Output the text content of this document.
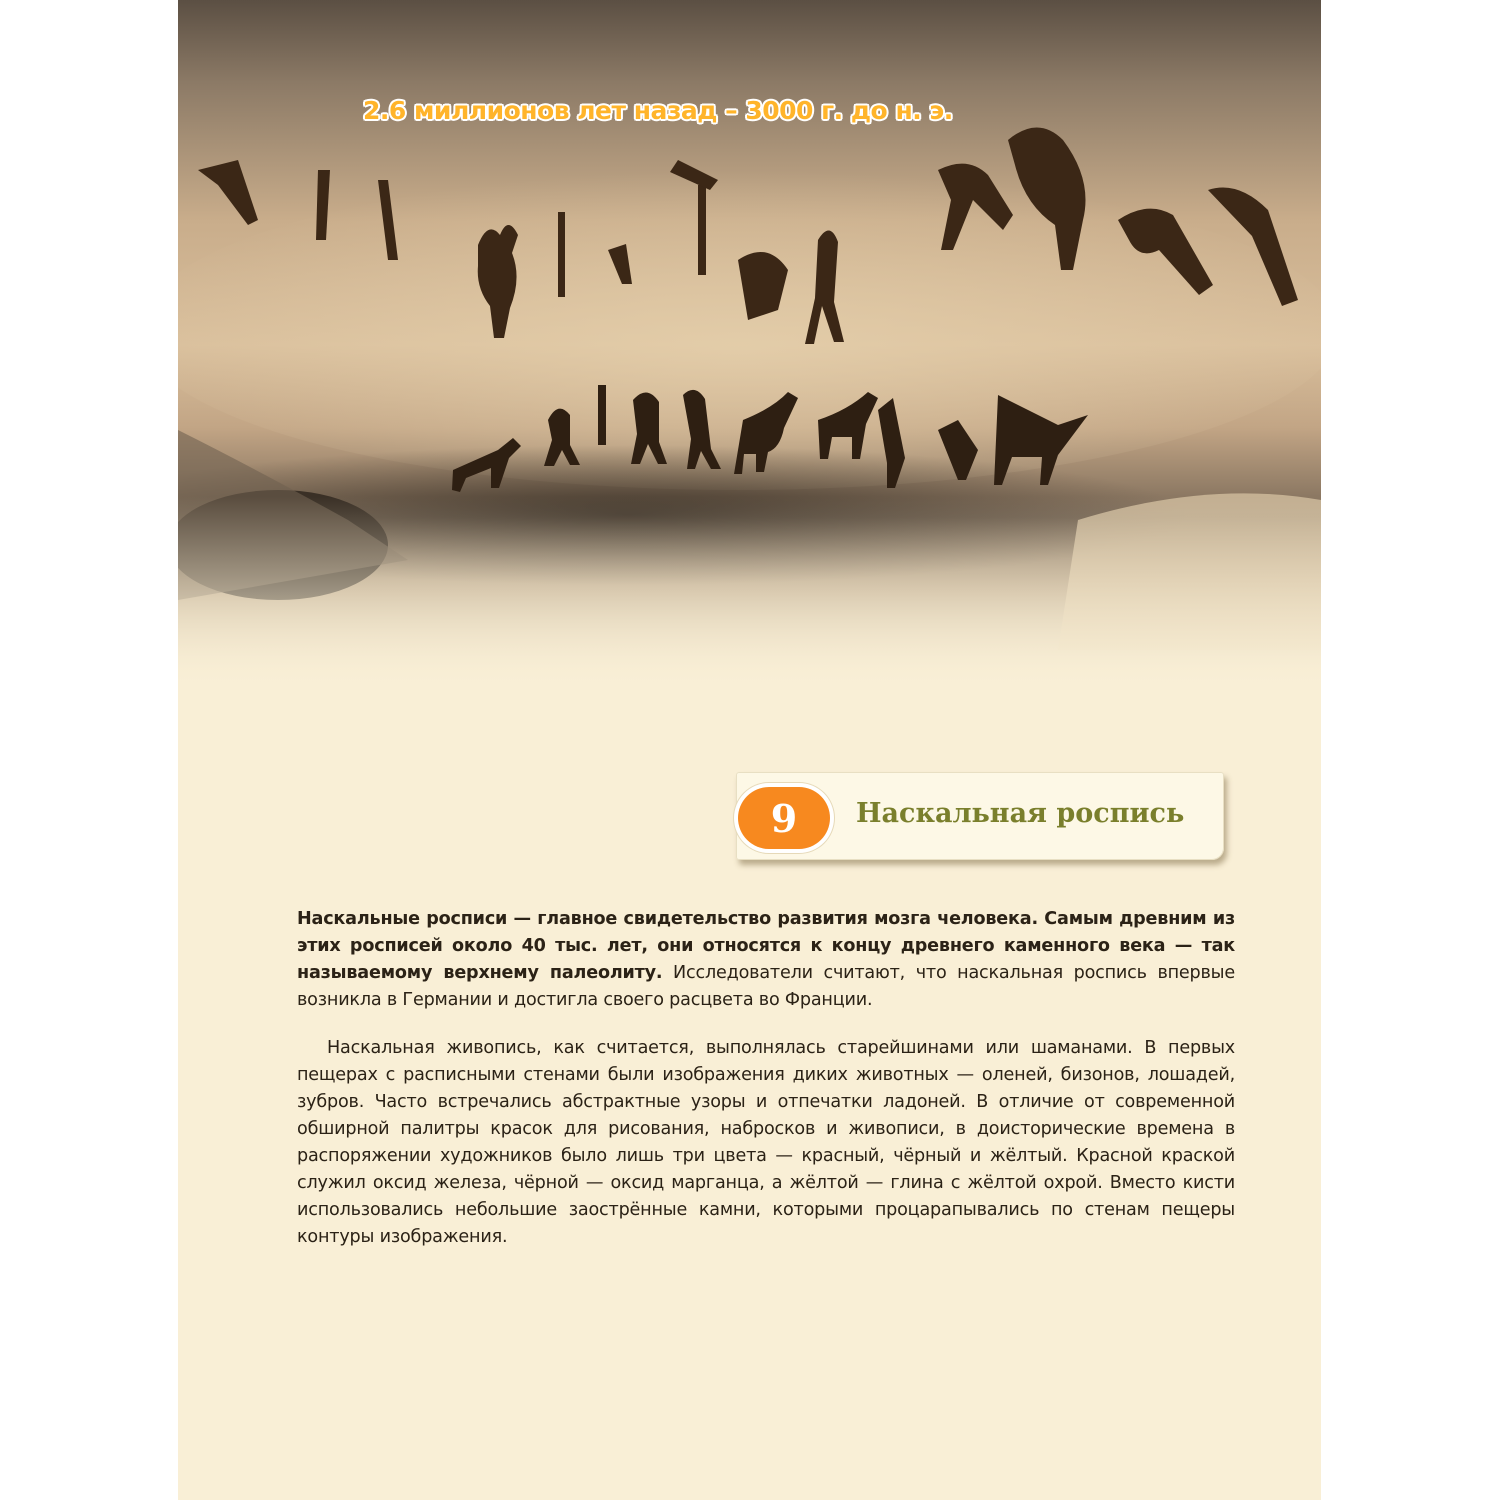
2.6 миллионов лет назад – 3000 г. до н. э.
9 Наскальная роспись

Наскальные росписи — главное свидетельство развития мозга человека. Самым древним из этих росписей около 40 тыс. лет, они относятся к концу древнего каменного века — так называемому верхнему палеолиту. Исследователи считают, что наскальная роспись впервые возникла в Германии и достигла своего расцвета во Франции.

Наскальная живопись, как считается, выполнялась старейшинами или шаманами. В первых пещерах с расписными стенами были изображения диких животных — оленей, бизонов, лошадей, зубров. Часто встречались абстрактные узоры и отпечатки ладоней. В отличие от современной обширной палитры красок для рисования, набросков и живописи, в доисторические времена в распоряжении художников было лишь три цвета — красный, чёрный и жёлтый. Красной краской служил оксид железа, чёрной — оксид марганца, а жёлтой — глина с жёлтой охрой. Вместо кисти использовались небольшие заострённые камни, которыми процарапывались по стенам пещеры контуры изображения.
